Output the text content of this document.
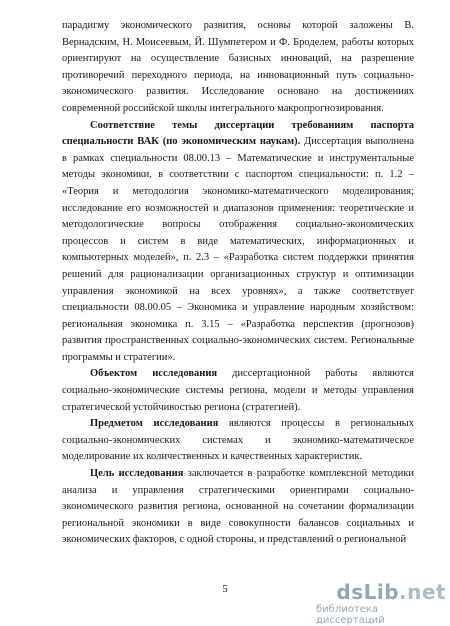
парадигму экономического развития, основы которой заложены В. Вернадским, Н. Моисеевым, Й. Шумпетером и Ф. Броделем, работы которых ориентируют на осуществление базисных инноваций, на разрешение противоречий переходного периода, на инновационный путь социально-экономического развития. Исследование основано на достижениях современной российской школы интегрального макропрогнозирования.

Соответствие темы диссертации требованиям паспорта специальности ВАК (по экономическим наукам). Диссертация выполнена в рамках специальности 08.00.13 – Математические и инструментальные методы экономики, в соответствии с паспортом специальности: п. 1.2 – «Теория и методология экономико-математического моделирования; исследование его возможностей и диапазонов применения: теоретические и методологические вопросы отображения социально-экономических процессов и систем в виде математических, информационных и компьютерных моделей», п. 2.3 – «Разработка систем поддержки принятия решений для рационализации организационных структур и оптимизации управления экономикой на всех уровнях», а также соответствует специальности 08.00.05 – Экономика и управление народным хозяйством: региональная экономика п. 3.15 – «Разработка перспектив (прогнозов) развития пространственных социально-экономических систем. Региональные программы и стратегии».

Объектом исследования диссертационной работы являются социально-экономические системы региона, модели и методы управления стратегической устойчивостью региона (стратегией).

Предметом исследования являются процессы в региональных социально-экономических системах и экономико-математическое моделирование их количественных и качественных характеристик.

Цель исследования заключается в разработке комплексной методики анализа и управления стратегическими ориентирами социально-экономического развития региона, основанной на сочетании формализации региональной экономики в виде совокупности балансов социальных и экономических факторов, с одной стороны, и представлений о региональной

5	dsLib.net
библиотека диссертаций
